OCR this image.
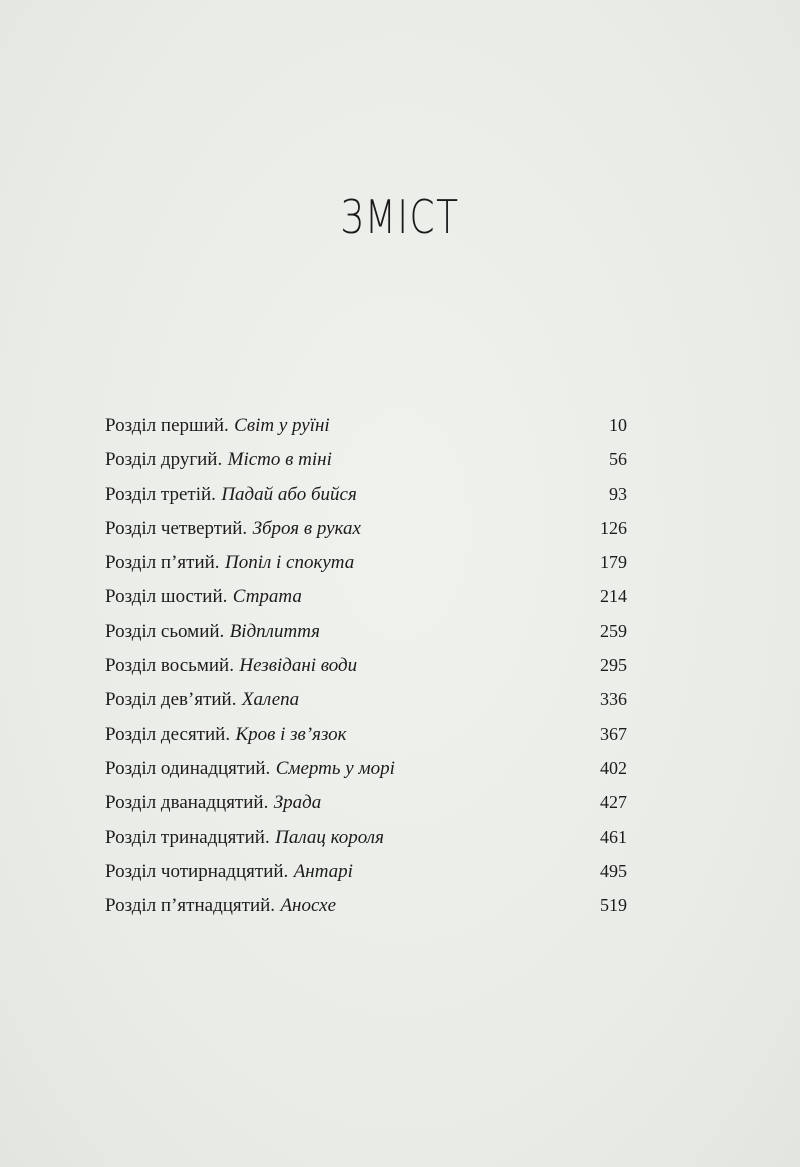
ЗМІСТ
Розділ перший. Світ у руїні	10
Розділ другий. Місто в тіні	56
Розділ третій. Падай або бийся	93
Розділ четвертий. Зброя в руках	126
Розділ п’ятий. Попіл і спокута	179
Розділ шостий. Страта	214
Розділ сьомий. Відплиття	259
Розділ восьмий. Незвідані води	295
Розділ дев’ятий. Халепа	336
Розділ десятий. Кров і зв’язок	367
Розділ одинадцятий. Смерть у морі	402
Розділ дванадцятий. Зрада	427
Розділ тринадцятий. Палац короля	461
Розділ чотирнадцятий. Антарі	495
Розділ п’ятнадцятий. Аносхе	519
